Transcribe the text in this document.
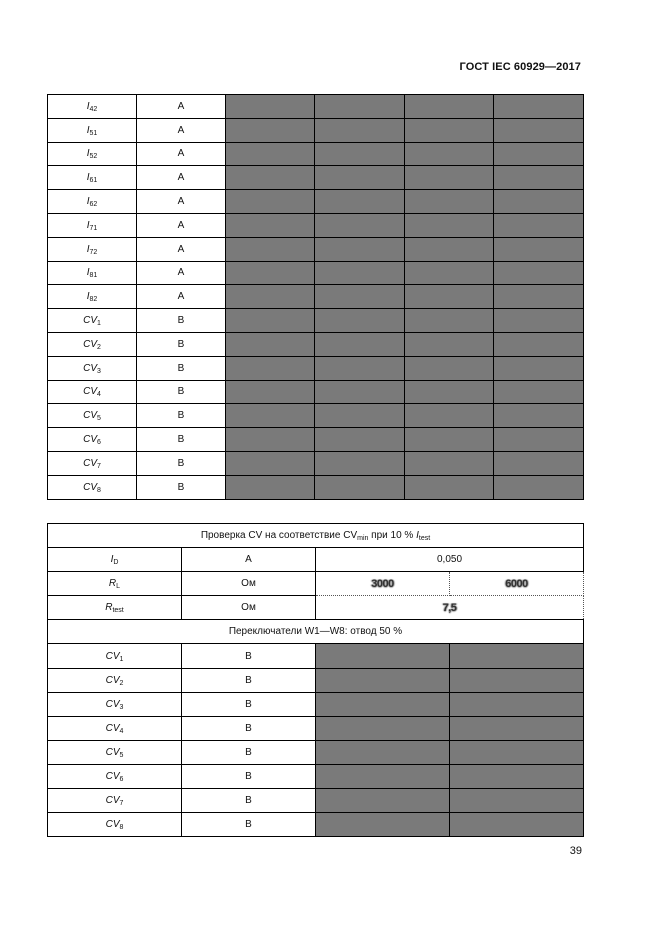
ГОСТ IEC 60929—2017
$I_{42}$	A				
$I_{51}$	A				
$I_{52}$	A				
$I_{61}$	A				
$I_{62}$	A				
$I_{71}$	A				
$I_{72}$	A				
$I_{81}$	A				
$I_{82}$	A				
$CV_1$	B				
$CV_2$	B				
$CV_3$	B				
$CV_4$	B				
$CV_5$	B				
$CV_6$	B				
$CV_7$	B				
$CV_8$	B				
Проверка CV на соответствие $CV_{min}$ при 10 % $I_{test}$
$I_D$	A	0,050	
$R_L$	Ом	3000	6000
$R_{test}$	Ом	7,5	
Переключатели W1—W8: отвод 50 %			
$CV_1$	B		
$CV_2$	B		
$CV_3$	B		
$CV_4$	B		
$CV_5$	B		
$CV_6$	B		
$CV_7$	B		
$CV_8$	B		
39
